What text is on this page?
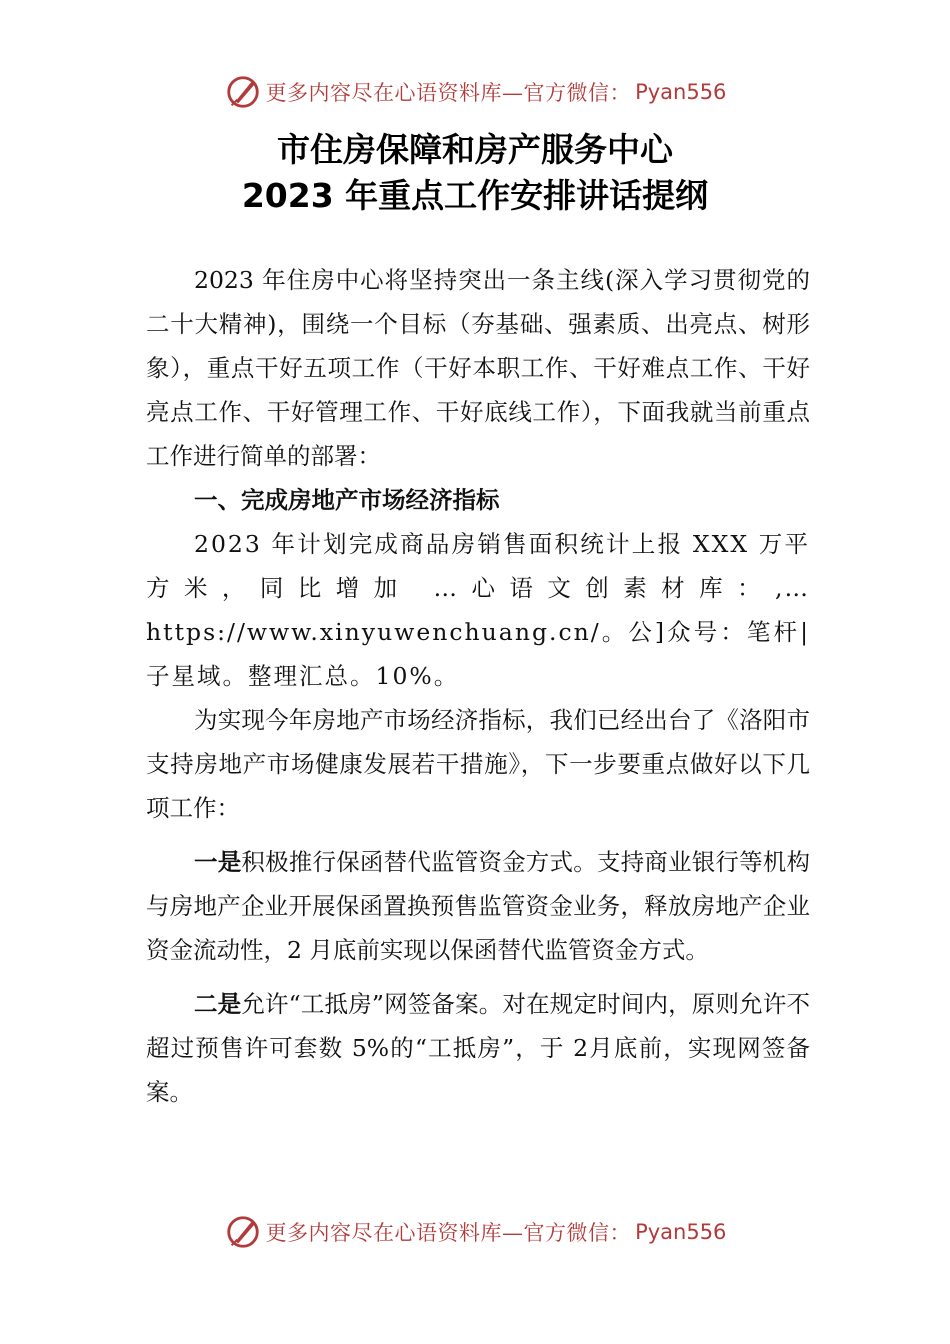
更多内容尽在心语资料库—官方微信： Pyan556
市住房保障和房产服务中心
2023 年重点工作安排讲话提纲

2023 年住房中心将坚持突出一条主线(深入学习贯彻党的二十大精神)，围绕一个目标（夯基础、强素质、出亮点、树形象），重点干好五项工作（干好本职工作、干好难点工作、干好亮点工作、干好管理工作、干好底线工作），下面我就当前重点工作进行简单的部署：

一、完成房地产市场经济指标

2023 年计划完成商品房销售面积统计上报 XXX 万平方米，同比增加 …心语文创素材库：,…https://www.xinyuwenchuang.cn/。公]众号：笔杆|子星域。整理汇总。10%。

为实现今年房地产市场经济指标，我们已经出台了《洛阳市支持房地产市场健康发展若干措施》，下一步要重点做好以下几项工作：

一是积极推行保函替代监管资金方式。支持商业银行等机构与房地产企业开展保函置换预售监管资金业务，释放房地产企业资金流动性，2 月底前实现以保函替代监管资金方式。

二是允许“工抵房”网签备案。对在规定时间内，原则允许不超过预售许可套数 5%的“工抵房”，于 2月底前，实现网签备案。

更多内容尽在心语资料库—官方微信： Pyan556
